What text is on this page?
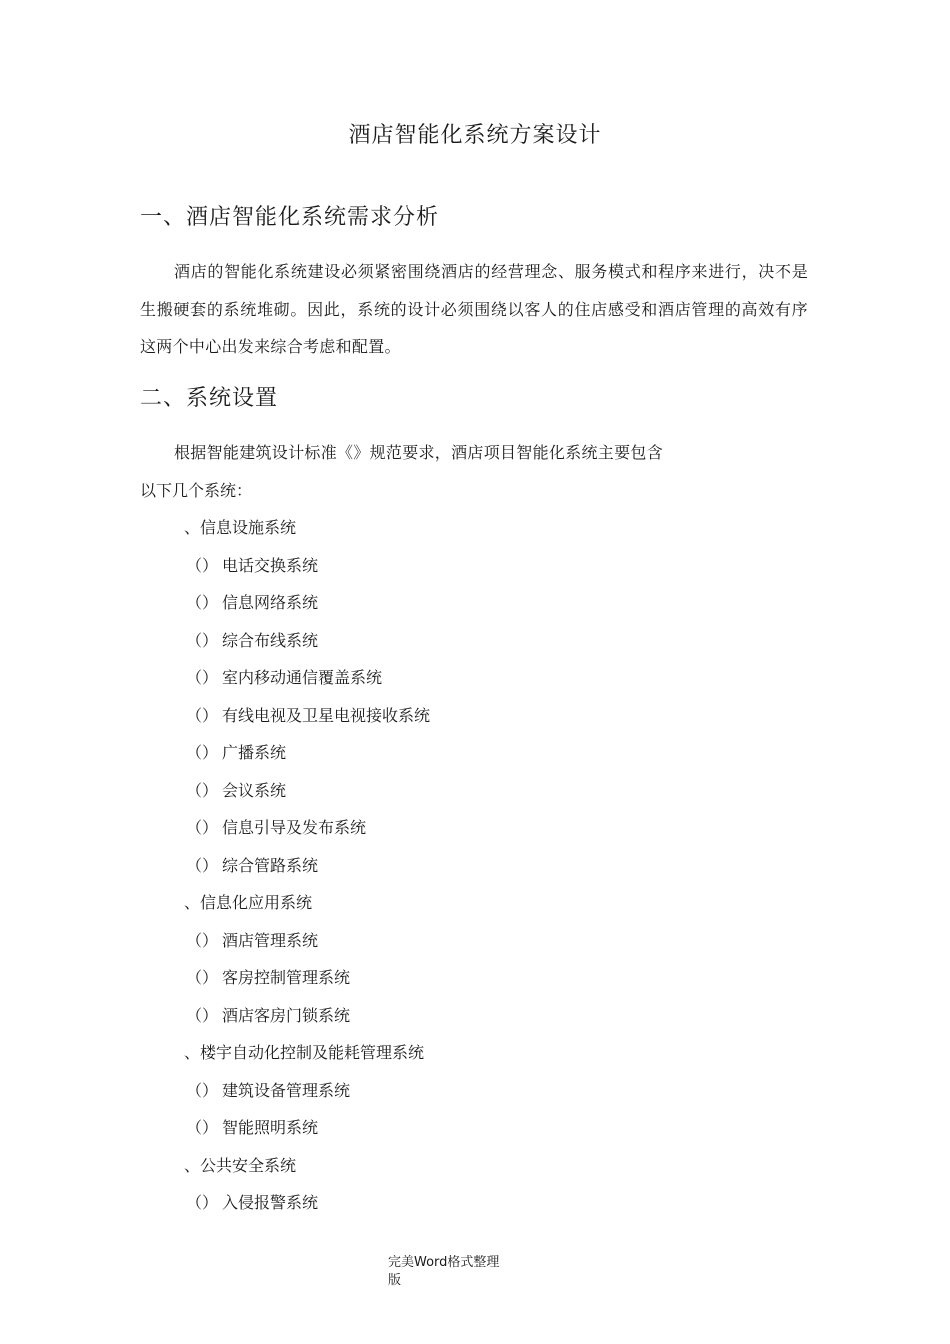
酒店智能化系统方案设计
一、酒店智能化系统需求分析
酒店的智能化系统建设必须紧密围绕酒店的经营理念、服务模式和程序来进行，决不是生搬硬套的系统堆砌。因此，系统的设计必须围绕以客人的住店感受和酒店管理的高效有序这两个中心出发来综合考虑和配置。
二、系统设置
根据智能建筑设计标准《》规范要求，酒店项目智能化系统主要包含
以下几个系统：
、信息设施系统
（） 电话交换系统
（） 信息网络系统
（） 综合布线系统
（） 室内移动通信覆盖系统
（） 有线电视及卫星电视接收系统
（） 广播系统
（） 会议系统
（） 信息引导及发布系统
（） 综合管路系统
、信息化应用系统
（） 酒店管理系统
（） 客房控制管理系统
（） 酒店客房门锁系统
、楼宇自动化控制及能耗管理系统
（） 建筑设备管理系统
（） 智能照明系统
、公共安全系统
（） 入侵报警系统
完美Word格式整理
版
